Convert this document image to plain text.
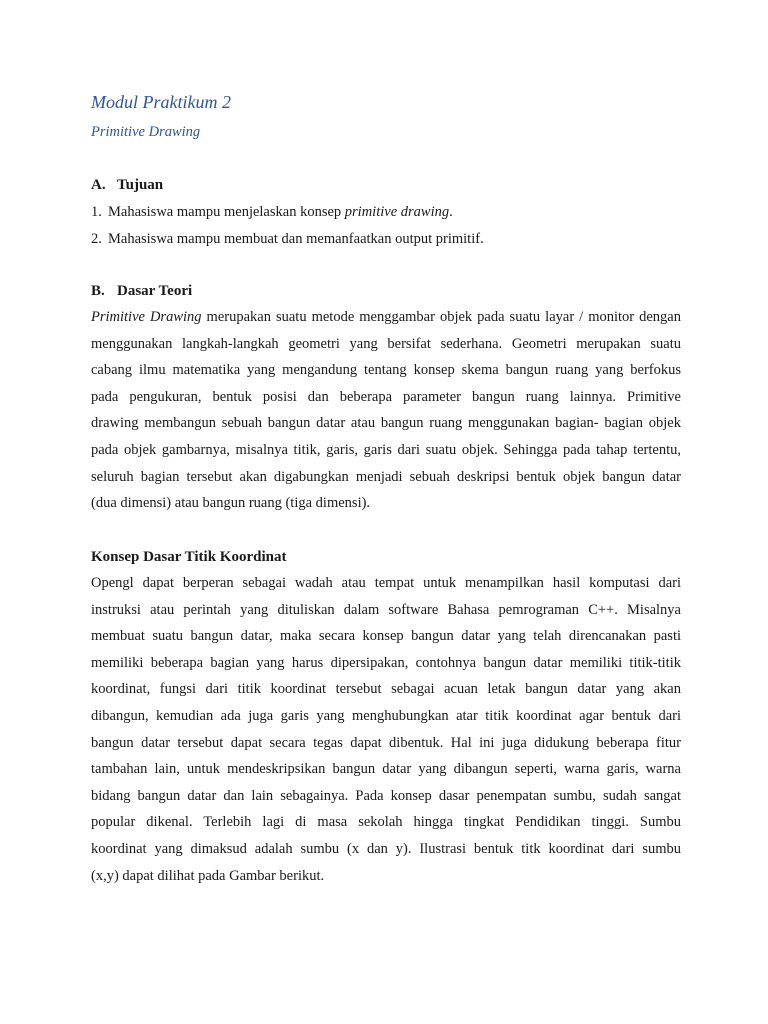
Modul Praktikum 2
Primitive Drawing
A. Tujuan

1. Mahasiswa mampu menjelaskan konsep primitive drawing.

2. Mahasiswa mampu membuat dan memanfaatkan output primitif.

B. Dasar Teori
Primitive Drawing merupakan suatu metode menggambar objek pada suatu layar / monitor dengan
menggunakan langkah-langkah geometri yang bersifat sederhana. Geometri merupakan suatu
cabang ilmu matematika yang mengandung tentang konsep skema bangun ruang yang berfokus
pada pengukuran, bentuk posisi dan beberapa parameter bangun ruang lainnya. Primitive
drawing membangun sebuah bangun datar atau bangun ruang menggunakan bagian- bagian objek
pada objek gambarnya, misalnya titik, garis, garis dari suatu objek. Sehingga pada tahap tertentu,
seluruh bagian tersebut akan digabungkan menjadi sebuah deskripsi bentuk objek bangun datar
(dua dimensi) atau bangun ruang (tiga dimensi).
Konsep Dasar Titik Koordinat
Opengl dapat berperan sebagai wadah atau tempat untuk menampilkan hasil komputasi dari
instruksi atau perintah yang dituliskan dalam software Bahasa pemrograman C++. Misalnya
membuat suatu bangun datar, maka secara konsep bangun datar yang telah direncanakan pasti
memiliki beberapa bagian yang harus dipersipakan, contohnya bangun datar memiliki titik-titik
koordinat, fungsi dari titik koordinat tersebut sebagai acuan letak bangun datar yang akan
dibangun, kemudian ada juga garis yang menghubungkan atar titik koordinat agar bentuk dari
bangun datar tersebut dapat secara tegas dapat dibentuk. Hal ini juga didukung beberapa fitur
tambahan lain, untuk mendeskripsikan bangun datar yang dibangun seperti, warna garis, warna
bidang bangun datar dan lain sebagainya. Pada konsep dasar penempatan sumbu, sudah sangat
popular dikenal. Terlebih lagi di masa sekolah hingga tingkat Pendidikan tinggi. Sumbu
koordinat yang dimaksud adalah sumbu (x dan y). Ilustrasi bentuk titk koordinat dari sumbu
(x,y) dapat dilihat pada Gambar berikut.
